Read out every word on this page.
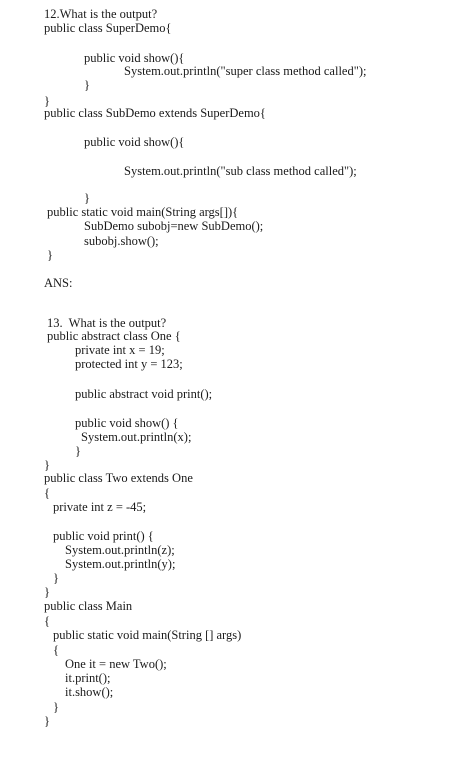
12.What is the output?
public class SuperDemo{
public void show(){
System.out.println("super class method called");
}
}
public class SubDemo extends SuperDemo{
public void show(){
System.out.println("sub class method called");
}
public static void main(String args[]){
SubDemo subobj=new SubDemo();
subobj.show();
}
ANS:
13.  What is the output?
public abstract class One {
private int x = 19;
protected int y = 123;
public abstract void print();
public void show() {
System.out.println(x);
}
}
public class Two extends One
{
private int z = -45;
public void print() {
System.out.println(z);
System.out.println(y);
}
}
public class Main
{
public static void main(String [] args)
{
One it = new Two();
it.print();
it.show();
}
}
